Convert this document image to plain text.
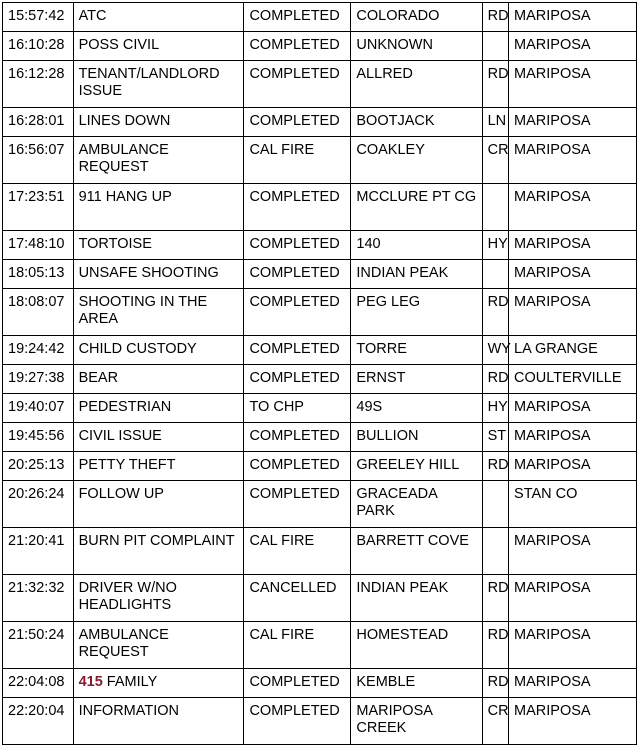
15:57:42	ATC	COMPLETED	COLORADO	RD	MARIPOSA
16:10:28	POSS CIVIL	COMPLETED	UNKNOWN		MARIPOSA
16:12:28	TENANT/LANDLORD ISSUE	COMPLETED	ALLRED	RD	MARIPOSA
16:28:01	LINES DOWN	COMPLETED	BOOTJACK	LN	MARIPOSA
16:56:07	AMBULANCE REQUEST	CAL FIRE	COAKLEY	CR	MARIPOSA
17:23:51	911 HANG UP	COMPLETED	MCCLURE PT CG		MARIPOSA
17:48:10	TORTOISE	COMPLETED	140	HY	MARIPOSA
18:05:13	UNSAFE SHOOTING	COMPLETED	INDIAN PEAK		MARIPOSA
18:08:07	SHOOTING IN THE AREA	COMPLETED	PEG LEG	RD	MARIPOSA
19:24:42	CHILD CUSTODY	COMPLETED	TORRE	WY	LA GRANGE
19:27:38	BEAR	COMPLETED	ERNST	RD	COULTERVILLE
19:40:07	PEDESTRIAN	TO CHP	49S	HY	MARIPOSA
19:45:56	CIVIL ISSUE	COMPLETED	BULLION	ST	MARIPOSA
20:25:13	PETTY THEFT	COMPLETED	GREELEY HILL	RD	MARIPOSA
20:26:24	FOLLOW UP	COMPLETED	GRACEADA PARK		STAN CO
21:20:41	BURN PIT COMPLAINT	CAL FIRE	BARRETT COVE		MARIPOSA
21:32:32	DRIVER W/NO HEADLIGHTS	CANCELLED	INDIAN PEAK	RD	MARIPOSA
21:50:24	AMBULANCE REQUEST	CAL FIRE	HOMESTEAD	RD	MARIPOSA
22:04:08	415 FAMILY	COMPLETED	KEMBLE	RD	MARIPOSA
22:20:04	INFORMATION	COMPLETED	MARIPOSA CREEK	CR	MARIPOSA
